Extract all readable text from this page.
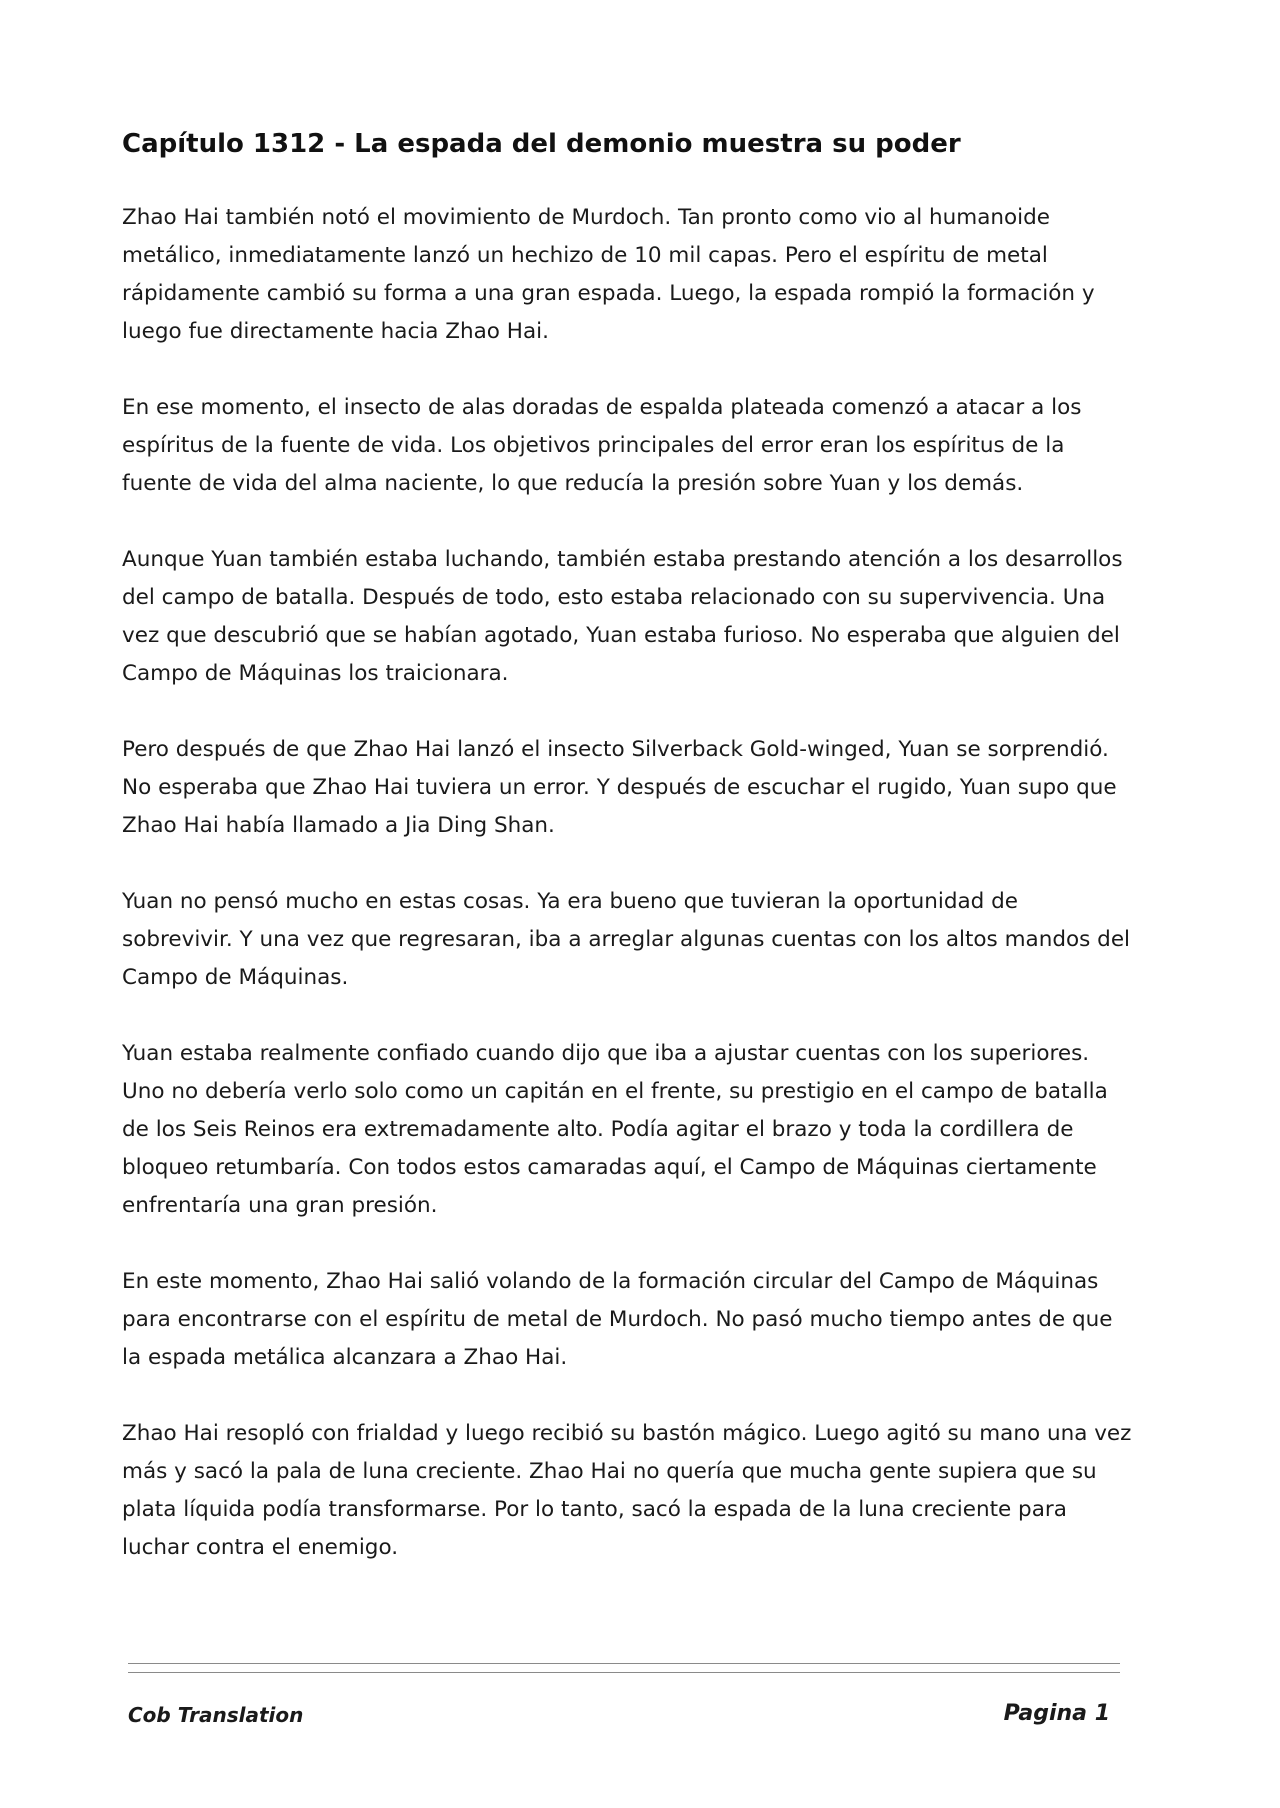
Capítulo 1312 - La espada del demonio muestra su poder

Zhao Hai también notó el movimiento de Murdoch. Tan pronto como vio al humanoide metálico, inmediatamente lanzó un hechizo de 10 mil capas. Pero el espíritu de metal rápidamente cambió su forma a una gran espada. Luego, la espada rompió la formación y luego fue directamente hacia Zhao Hai.

En ese momento, el insecto de alas doradas de espalda plateada comenzó a atacar a los espíritus de la fuente de vida. Los objetivos principales del error eran los espíritus de la fuente de vida del alma naciente, lo que reducía la presión sobre Yuan y los demás.

Aunque Yuan también estaba luchando, también estaba prestando atención a los desarrollos del campo de batalla. Después de todo, esto estaba relacionado con su supervivencia. Una vez que descubrió que se habían agotado, Yuan estaba furioso. No esperaba que alguien del Campo de Máquinas los traicionara.

Pero después de que Zhao Hai lanzó el insecto Silverback Gold-winged, Yuan se sorprendió. No esperaba que Zhao Hai tuviera un error. Y después de escuchar el rugido, Yuan supo que Zhao Hai había llamado a Jia Ding Shan.

Yuan no pensó mucho en estas cosas. Ya era bueno que tuvieran la oportunidad de sobrevivir. Y una vez que regresaran, iba a arreglar algunas cuentas con los altos mandos del Campo de Máquinas.

Yuan estaba realmente confiado cuando dijo que iba a ajustar cuentas con los superiores. Uno no debería verlo solo como un capitán en el frente, su prestigio en el campo de batalla de los Seis Reinos era extremadamente alto. Podía agitar el brazo y toda la cordillera de bloqueo retumbaría. Con todos estos camaradas aquí, el Campo de Máquinas ciertamente enfrentaría una gran presión.

En este momento, Zhao Hai salió volando de la formación circular del Campo de Máquinas para encontrarse con el espíritu de metal de Murdoch. No pasó mucho tiempo antes de que la espada metálica alcanzara a Zhao Hai.

Zhao Hai resopló con frialdad y luego recibió su bastón mágico. Luego agitó su mano una vez más y sacó la pala de luna creciente. Zhao Hai no quería que mucha gente supiera que su plata líquida podía transformarse. Por lo tanto, sacó la espada de la luna creciente para luchar contra el enemigo.

Cob Translation	Pagina 1
